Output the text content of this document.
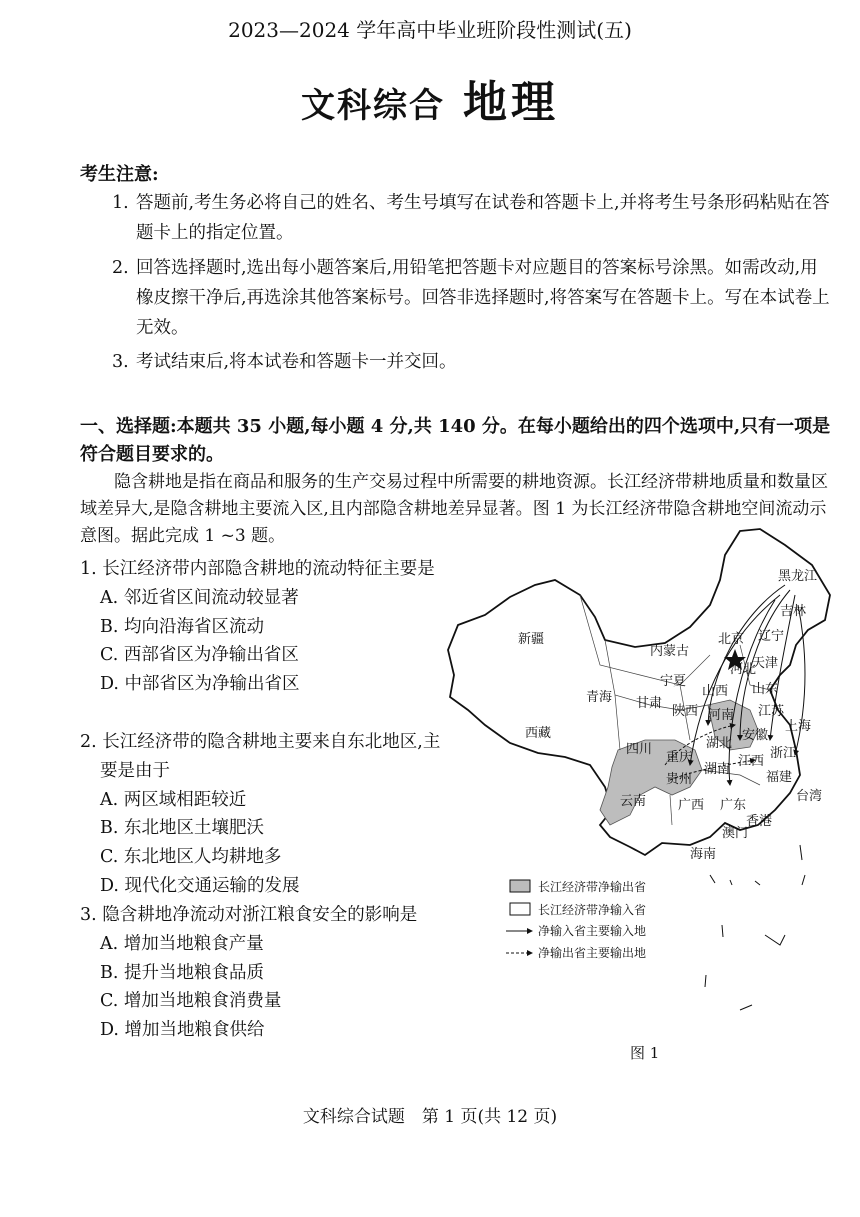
2023—2024 学年高中毕业班阶段性测试(五)
文科综合 地理
考生注意:
1. 答题前,考生务必将自己的姓名、考生号填写在试卷和答题卡上,并将考生号条形码粘贴在答题卡上的指定位置。
2. 回答选择题时,选出每小题答案后,用铅笔把答题卡对应题目的答案标号涂黑。如需改动,用橡皮擦干净后,再选涂其他答案标号。回答非选择题时,将答案写在答题卡上。写在本试卷上无效。
3. 考试结束后,将本试卷和答题卡一并交回。
一、选择题:本题共 35 小题,每小题 4 分,共 140 分。在每小题给出的四个选项中,只有一项是符合题目要求的。
隐含耕地是指在商品和服务的生产交易过程中所需要的耕地资源。长江经济带耕地质量和数量区域差异大,是隐含耕地主要流入区,且内部隐含耕地差异显著。图 1 为长江经济带隐含耕地空间流动示意图。据此完成 1 ~3 题。
1. 长江经济带内部隐含耕地的流动特征主要是
A. 邻近省区间流动较显著
B. 均向沿海省区流动
C. 西部省区为净输出省区
D. 中部省区为净输出省区
2. 长江经济带的隐含耕地主要来自东北地区,主要是由于
A. 两区域相距较近
B. 东北地区土壤肥沃
C. 东北地区人均耕地多
D. 现代化交通运输的发展
3. 隐含耕地净流动对浙江粮食安全的影响是
A. 增加当地粮食产量
B. 提升当地粮食品质
C. 增加当地粮食消费量
D. 增加当地粮食供给
黑龙江
吉林
辽宁
新疆
内蒙古
北京
河北
天津
山东
宁夏
山西
甘肃
青海
陕西 河南 江苏
上海
西藏
四川	湖北
安徽
浙江
重庆
湖南
江西
贵州	福建
台湾
云南 广西 广东
香港
澳门
海南
长江经济带净输出省
长江经济带净输入省
净输入省主要输入地
净输出省主要输出地
图 1
文科综合试题　第 1 页(共 12 页)
